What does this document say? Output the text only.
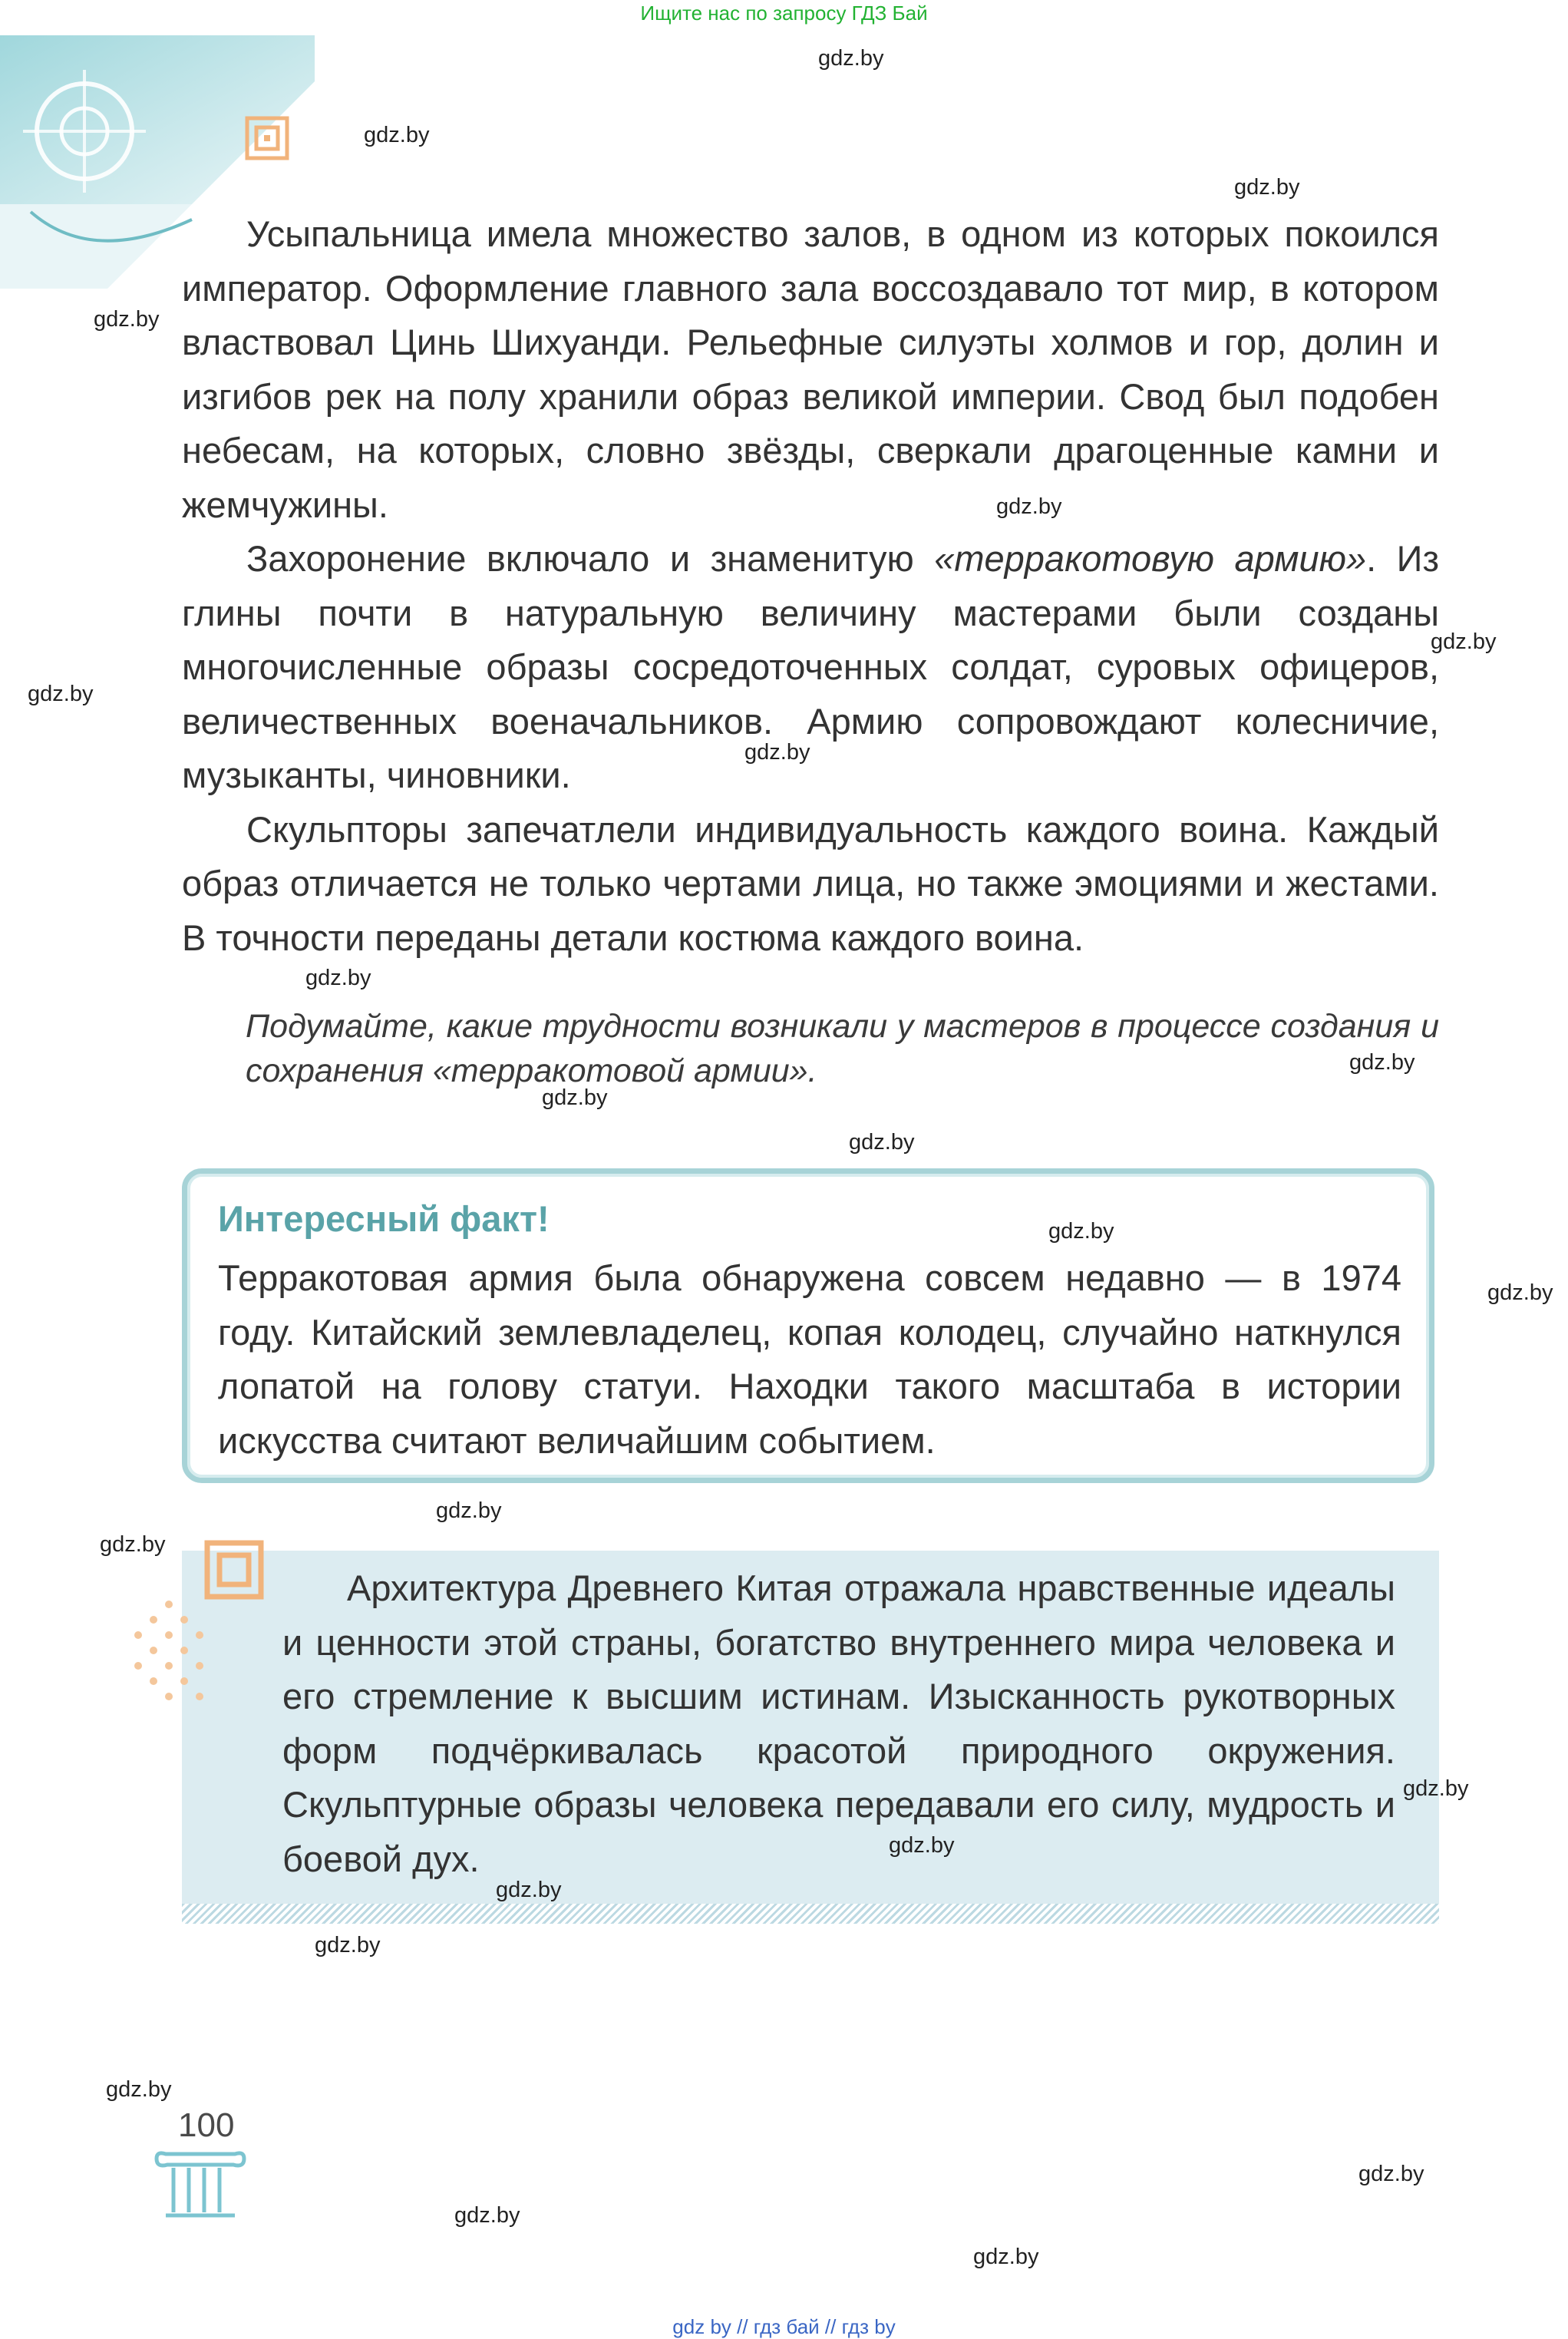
Ищите нас по запросу ГДЗ Бай

Усыпальница имела множество залов, в одном из которых покоился император. Оформление главного зала воссоздавало тот мир, в котором властвовал Цинь Шихуанди. Рельефные силуэты холмов и гор, долин и изгибов рек на полу хранили образ великой империи. Свод был подобен небесам, на которых, словно звёзды, сверкали драгоценные камни и жемчужины.

Захоронение включало и знаменитую «терракотовую армию». Из глины почти в натуральную величину мастерами были созданы многочисленные образы сосредоточенных солдат, суровых офицеров, величественных военачальников. Армию сопровождают колесничие, музыканты, чиновники.

Скульпторы запечатлели индивидуальность каждого воина. Каждый образ отличается не только чертами лица, но также эмоциями и жестами. В точности переданы детали костюма каждого воина.

Подумайте, какие трудности возникали у мастеров в процессе создания и сохранения «терракотовой армии».
Интересный факт!
Терракотовая армия была обнаружена совсем недавно — в 1974 году. Китайский землевладелец, копая колодец, случайно наткнулся лопатой на голову статуи. Находки такого масштаба в истории искусства считают величайшим событием.

Архитектура Древнего Китая отражала нравственные идеалы и ценности этой страны, богатство внутреннего мира человека и его стремление к высшим истинам. Изысканность рукотворных форм подчёркивалась красотой природного окружения. Скульптурные образы человека передавали его силу, мудрость и боевой дух.

100
gdz.by
gdz.by
gdz.by
gdz.by
gdz.by
gdz.by
gdz.by
gdz.by
gdz.by
gdz.by
gdz.by
gdz.by
gdz.by
gdz.by
gdz.by
gdz.by
gdz.by
gdz.by
gdz.by
gdz.by
gdz.by
gdz.by
gdz.by
gdz.by
gdz by // гдз бай // гдз by
